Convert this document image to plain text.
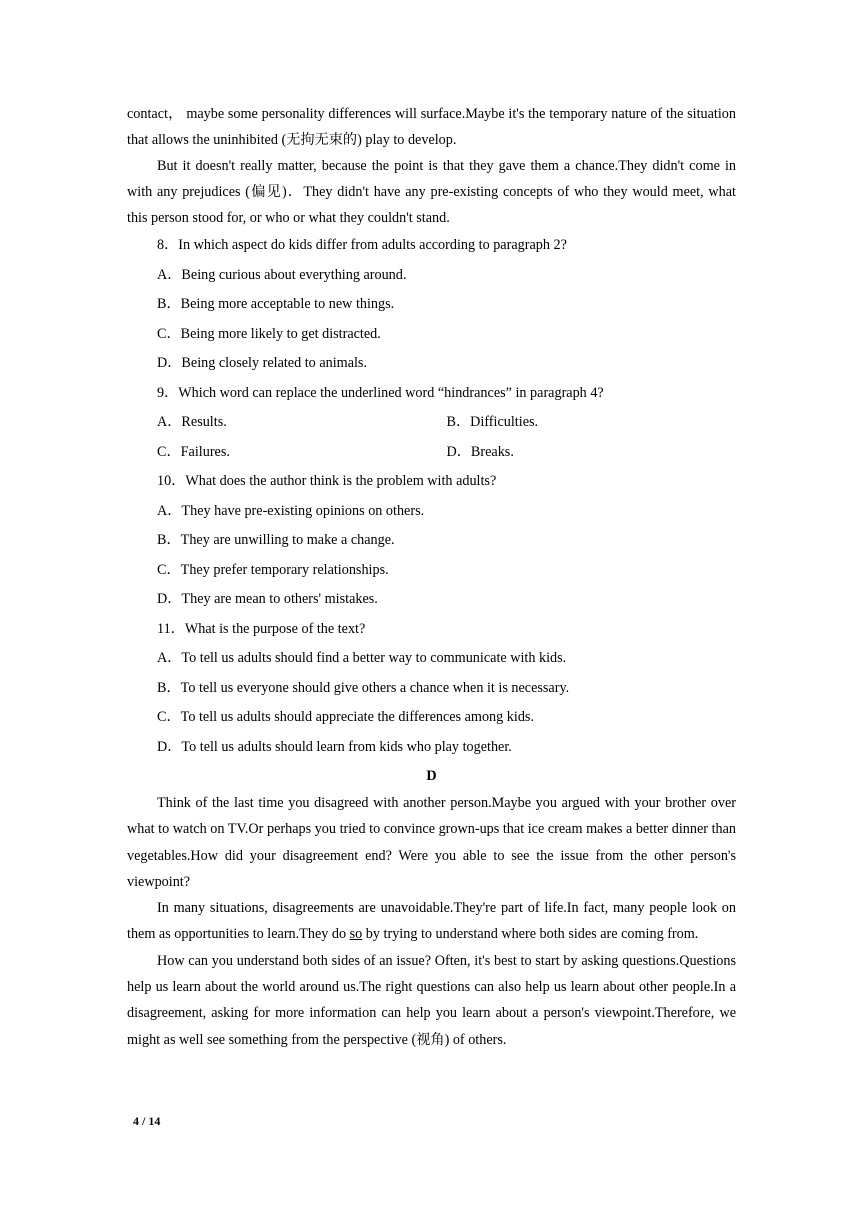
contact， maybe some personality differences will surface.Maybe it's the temporary nature of the situation that allows the uninhibited (无拘无束的) play to develop.

But it doesn't really matter, because the point is that they gave them a chance.They didn't come in with any prejudices (偏见)．They didn't have any pre-existing concepts of who they would meet, what this person stood for, or who or what they couldn't stand.

8．In which aspect do kids differ from adults according to paragraph 2?

A．Being curious about everything around.

B．Being more acceptable to new things.

C．Being more likely to get distracted.

D．Being closely related to animals.

9．Which word can replace the underlined word “hindrances” in paragraph 4?

A．Results.	B．Difficulties.
C．Failures.	D．Breaks.

10．What does the author think is the problem with adults?

A．They have pre-existing opinions on others.

B．They are unwilling to make a change.

C．They prefer temporary relationships.

D．They are mean to others' mistakes.

11．What is the purpose of the text?

A．To tell us adults should find a better way to communicate with kids.

B．To tell us everyone should give others a chance when it is necessary.

C．To tell us adults should appreciate the differences among kids.

D．To tell us adults should learn from kids who play together.

D

Think of the last time you disagreed with another person.Maybe you argued with your brother over what to watch on TV.Or perhaps you tried to convince grown-ups that ice cream makes a better dinner than vegetables.How did your disagreement end? Were you able to see the issue from the other person's viewpoint?

In many situations, disagreements are unavoidable.They're part of life.In fact, many people look on them as opportunities to learn.They do so by trying to understand where both sides are coming from.

How can you understand both sides of an issue? Often, it's best to start by asking questions.Questions help us learn about the world around us.The right questions can also help us learn about other people.In a disagreement, asking for more information can help you learn about a person's viewpoint.Therefore, we might as well see something from the perspective (视角) of others.

4 / 14
